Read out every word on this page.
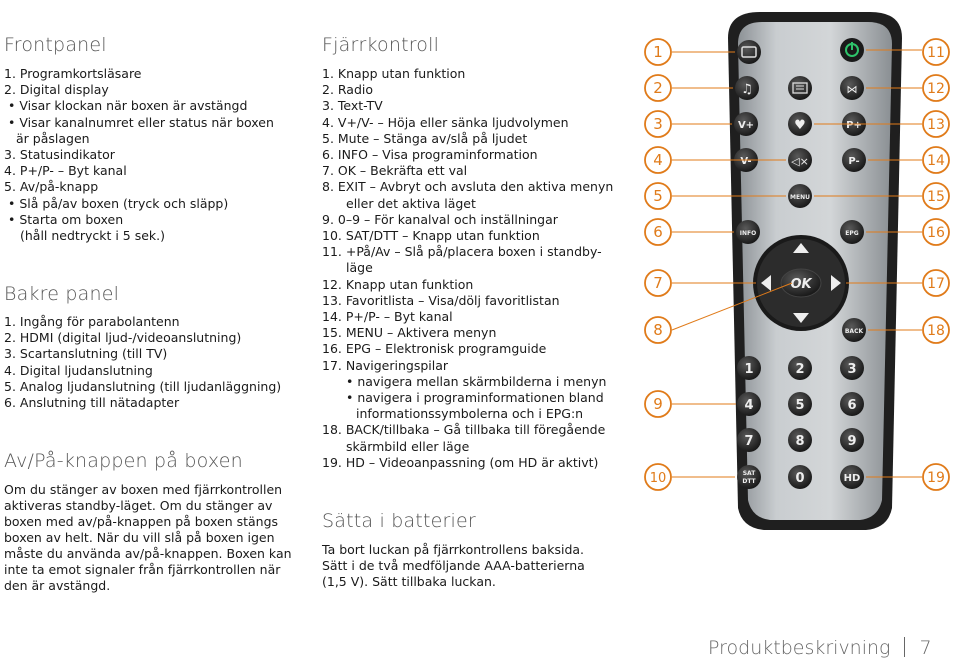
Frontpanel
1. Programkortsläsare
2. Digital display
• Visar klockan när boxen är avstängd
• Visar kanalnumret eller status när boxen
är påslagen
3. Statusindikator
4. P+/P- – Byt kanal
5. Av/på-knapp
• Slå på/av boxen (tryck och släpp)
• Starta om boxen
(håll nedtryckt i 5 sek.)
Bakre panel
1. Ingång för parabolantenn
2. HDMI (digital ljud-/videoanslutning)
3. Scartanslutning (till TV)
4. Digital ljudanslutning
5. Analog ljudanslutning (till ljudanläggning)
6. Anslutning till nätadapter
Av/På-knappen på boxen
Om du stänger av boxen med fjärrkontrollen
aktiveras standby-läget. Om du stänger av
boxen med av/på-knappen på boxen stängs
boxen av helt. När du vill slå på boxen igen
måste du använda av/på-knappen. Boxen kan
inte ta emot signaler från fjärrkontrollen när
den är avstängd.
Fjärrkontroll
1. Knapp utan funktion
2. Radio
3. Text-TV
4. V+/V- – Höja eller sänka ljudvolymen
5. Mute – Stänga av/slå på ljudet
6. INFO – Visa programinformation
7. OK – Bekräfta ett val
8. EXIT – Avbryt och avsluta den aktiva menyn
eller det aktiva läget
9. 0–9 – För kanalval och inställningar
10. SAT/DTT – Knapp utan funktion
11. +På/Av – Slå på/placera boxen i standby-
läge
12. Knapp utan funktion
13. Favoritlista – Visa/dölj favoritlistan
14. P+/P- – Byt kanal
15. MENU – Aktivera menyn
16. EPG – Elektronisk programguide
17. Navigeringspilar
• navigera mellan skärmbilderna i menyn
• navigera i programinformationen bland
informationssymbolerna och i EPG:n
18. BACK/tillbaka – Gå tillbaka till föregående
skärmbild eller läge
19. HD – Videoanpassning (om HD är aktivt)
Sätta i batterier
Ta bort luckan på fjärrkontrollens baksida.
Sätt i de två medföljande AAA-batterierna
(1,5 V). Sätt tillbaka luckan.
♫	⋈
V+	♥	P+
V-	◁×	P-
MENU
INFO	EPG
OK
BACK
1	2	3
4	5	6
7	8	9
0
SAT
DTT	HD
1
2
3
4
5
6
7
8
9
10
11
12
13
14
15
16
17
18
19
Produktbeskrivning 7
